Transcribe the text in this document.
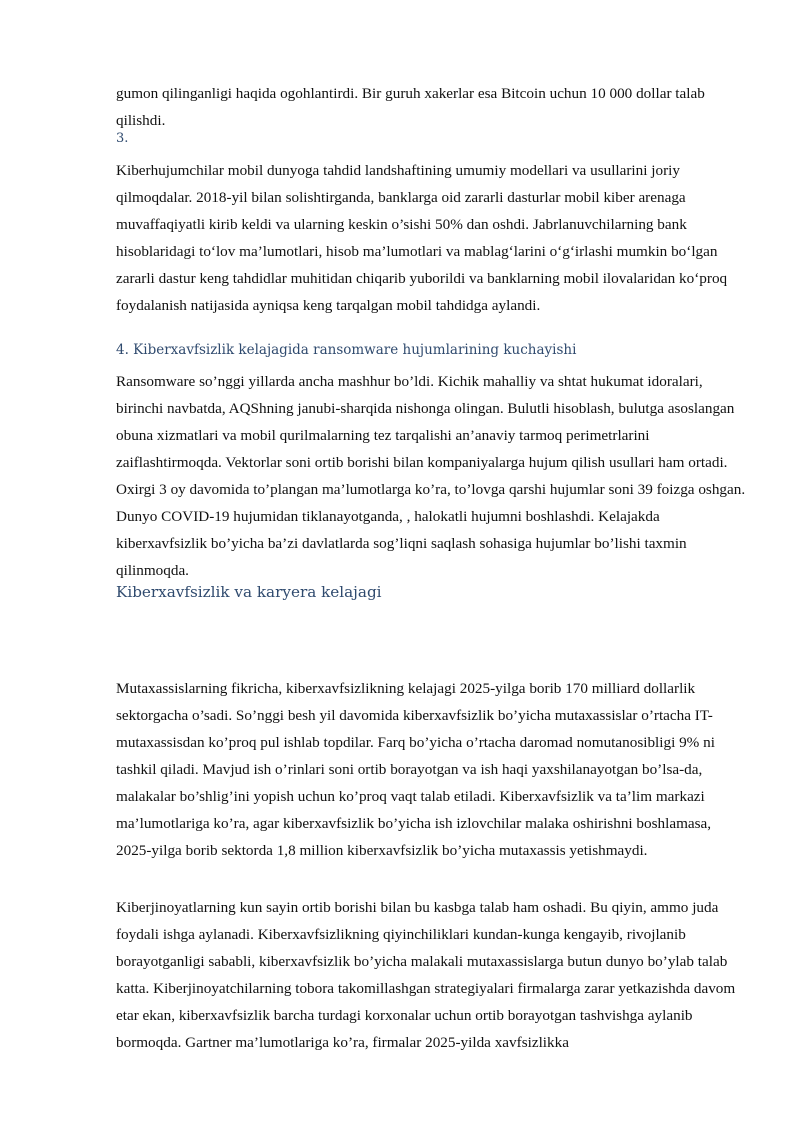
gumon qilinganligi haqida ogohlantirdi. Bir guruh xakerlar esa Bitcoin uchun 10 000 dollar talab qilishdi.

3.

Kiberhujumchilar mobil dunyoga tahdid landshaftining umumiy modellari va usullarini joriy qilmoqdalar. 2018-yil bilan solishtirganda, banklarga oid zararli dasturlar mobil kiber arenaga muvaffaqiyatli kirib keldi va ularning keskin o’sishi 50% dan oshdi. Jabrlanuvchilarning bank hisoblaridagi to‘lov ma’lumotlari, hisob ma’lumotlari va mablag‘larini o‘g‘irlashi mumkin bo‘lgan zararli dastur keng tahdidlar muhitidan chiqarib yuborildi va banklarning mobil ilovalaridan ko‘proq foydalanish natijasida ayniqsa keng tarqalgan mobil tahdidga aylandi.

4. Kiberxavfsizlik kelajagida ransomware hujumlarining kuchayishi

Ransomware so’nggi yillarda ancha mashhur bo’ldi. Kichik mahalliy va shtat hukumat idoralari, birinchi navbatda, AQShning janubi-sharqida nishonga olingan. Bulutli hisoblash, bulutga asoslangan obuna xizmatlari va mobil qurilmalarning tez tarqalishi an’anaviy tarmoq perimetrlarini zaiflashtirmoqda. Vektorlar soni ortib borishi bilan kompaniyalarga hujum qilish usullari ham ortadi. Oxirgi 3 oy davomida to’plangan ma’lumotlarga ko’ra, to’lovga qarshi hujumlar soni 39 foizga oshgan. Dunyo COVID-19 hujumidan tiklanayotganda, , halokatli hujumni boshlashdi. Kelajakda kiberxavfsizlik bo’yicha ba’zi davlatlarda sog’liqni saqlash sohasiga hujumlar bo’lishi taxmin qilinmoqda.

Kiberxavfsizlik va karyera kelajagi

Mutaxassislarning fikricha, kiberxavfsizlikning kelajagi 2025-yilga borib 170 milliard dollarlik sektorgacha o’sadi. So’nggi besh yil davomida kiberxavfsizlik bo’yicha mutaxassislar o’rtacha IT-mutaxassisdan ko’proq pul ishlab topdilar. Farq bo’yicha o’rtacha daromad nomutanosibligi 9% ni tashkil qiladi. Mavjud ish o’rinlari soni ortib borayotgan va ish haqi yaxshilanayotgan bo’lsa-da, malakalar bo’shlig’ini yopish uchun ko’proq vaqt talab etiladi. Kiberxavfsizlik va ta’lim markazi ma’lumotlariga ko’ra, agar kiberxavfsizlik bo’yicha ish izlovchilar malaka oshirishni boshlamasa, 2025-yilga borib sektorda 1,8 million kiberxavfsizlik bo’yicha mutaxassis yetishmaydi.

Kiberjinoyatlarning kun sayin ortib borishi bilan bu kasbga talab ham oshadi. Bu qiyin, ammo juda foydali ishga aylanadi. Kiberxavfsizlikning qiyinchiliklari kundan-kunga kengayib, rivojlanib borayotganligi sababli, kiberxavfsizlik bo’yicha malakali mutaxassislarga butun dunyo bo’ylab talab katta. Kiberjinoyatchilarning tobora takomillashgan strategiyalari firmalarga zarar yetkazishda davom etar ekan, kiberxavfsizlik barcha turdagi korxonalar uchun ortib borayotgan tashvishga aylanib bormoqda. Gartner ma’lumotlariga ko’ra, firmalar 2025-yilda xavfsizlikka
